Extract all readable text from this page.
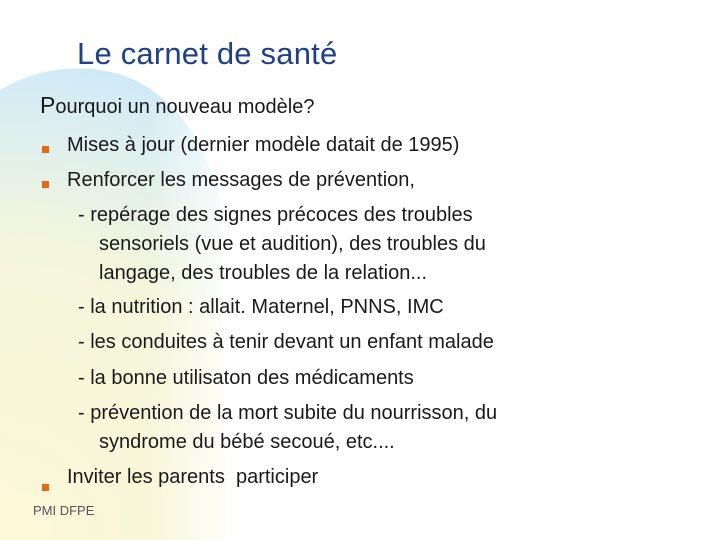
Le carnet de santé
Pourquoi un nouveau modèle?
Mises à jour (dernier modèle datait de 1995)
Renforcer les messages de prévention,
- repérage des signes précoces des troubles
sensoriels (vue et audition), des troubles du
langage, des troubles de la relation...
- la nutrition : allait. Maternel, PNNS, IMC
- les conduites à tenir devant un enfant malade
- la bonne utilisaton des médicaments
- prévention de la mort subite du nourrisson, du
syndrome du bébé secoué, etc....
Inviter les parents  participer
PMI DFPE
